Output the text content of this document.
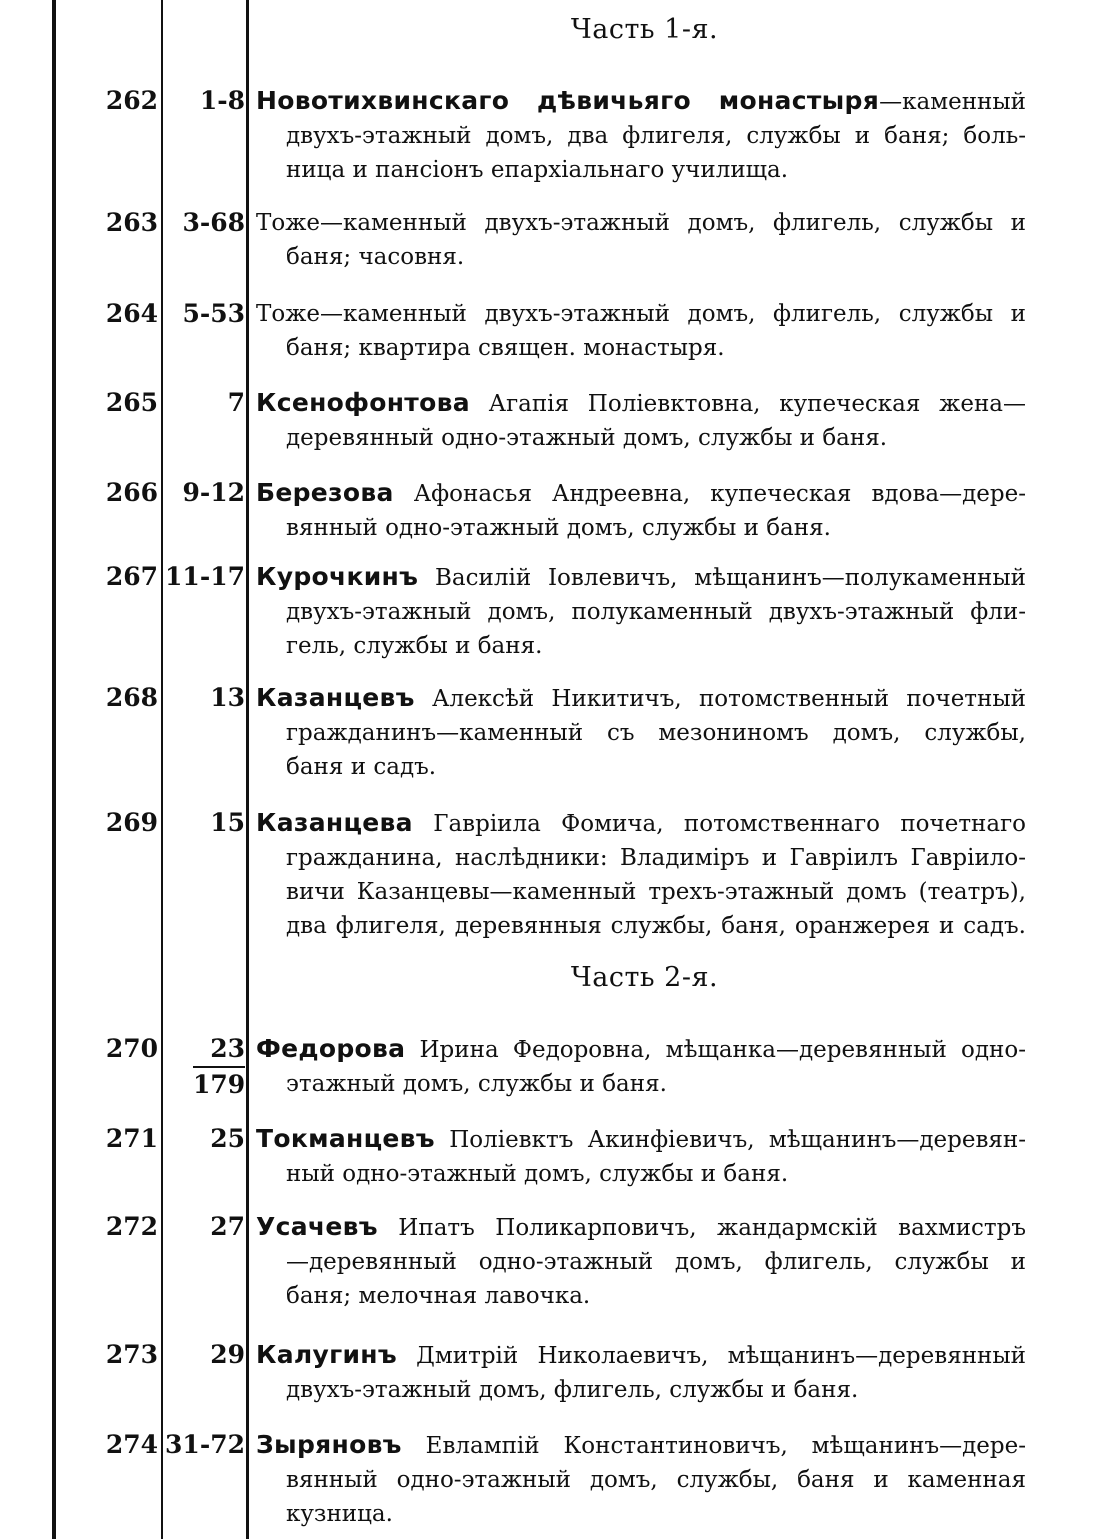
Часть 1-я.
262	1-8 Новотихвинскаго дѣвичьяго монастыря—каменный
двухъ-этажный домъ, два флигеля, службы и баня; боль-
ница и пансіонъ епархіальнаго училища.
263 3-68 Тоже—каменный двухъ-этажный домъ, флигель, службы и
баня; часовня.
264 5-53 Тоже—каменный двухъ-этажный домъ, флигель, службы и
баня; квартира священ. монастыря.
265	7 Ксенофонтова Агапія Поліевктовна, купеческая жена—
деревянный одно-этажный домъ, службы и баня.
266 9-12 Березова Афонасья Андреевна, купеческая вдова—дере-
вянный одно-этажный домъ, службы и баня.
267 11-17 Курочкинъ Василій Іовлевичъ, мѣщанинъ—полукаменный
двухъ-этажный домъ, полукаменный двухъ-этажный фли-
гель, службы и баня.
268	13 Казанцевъ Алексѣй Никитичъ, потомственный почетный
гражданинъ—каменный съ мезониномъ домъ, службы,
баня и садъ.
269	15 Казанцева Гавріила Фомича, потомственнаго почетнаго
гражданина, наслѣдники: Владиміръ и Гавріилъ Гавріило-
вичи Казанцевы—каменный трехъ-этажный домъ (театръ),
два флигеля, деревянныя службы, баня, оранжерея и садъ.
Часть 2-я.
$270 \frac{23}{179}$ Федорова Ирина Федоровна, мѣщанка—деревянный одно-
этажный домъ, службы и баня.
271	25 Токманцевъ Поліевктъ Акинфіевичъ, мѣщанинъ—деревян-
ный одно-этажный домъ, службы и баня.
272	27 Усачевъ Ипатъ Поликарповичъ, жандармскій вахмистръ
—деревянный одно-этажный домъ, флигель, службы и
баня; мелочная лавочка.
273	29 Калугинъ Дмитрій Николаевичъ, мѣщанинъ—деревянный
двухъ-этажный домъ, флигель, службы и баня.
274 31-72 Зыряновъ Евлампій Константиновичъ, мѣщанинъ—дере-
вянный одно-этажный домъ, службы, баня и каменная
кузница.
